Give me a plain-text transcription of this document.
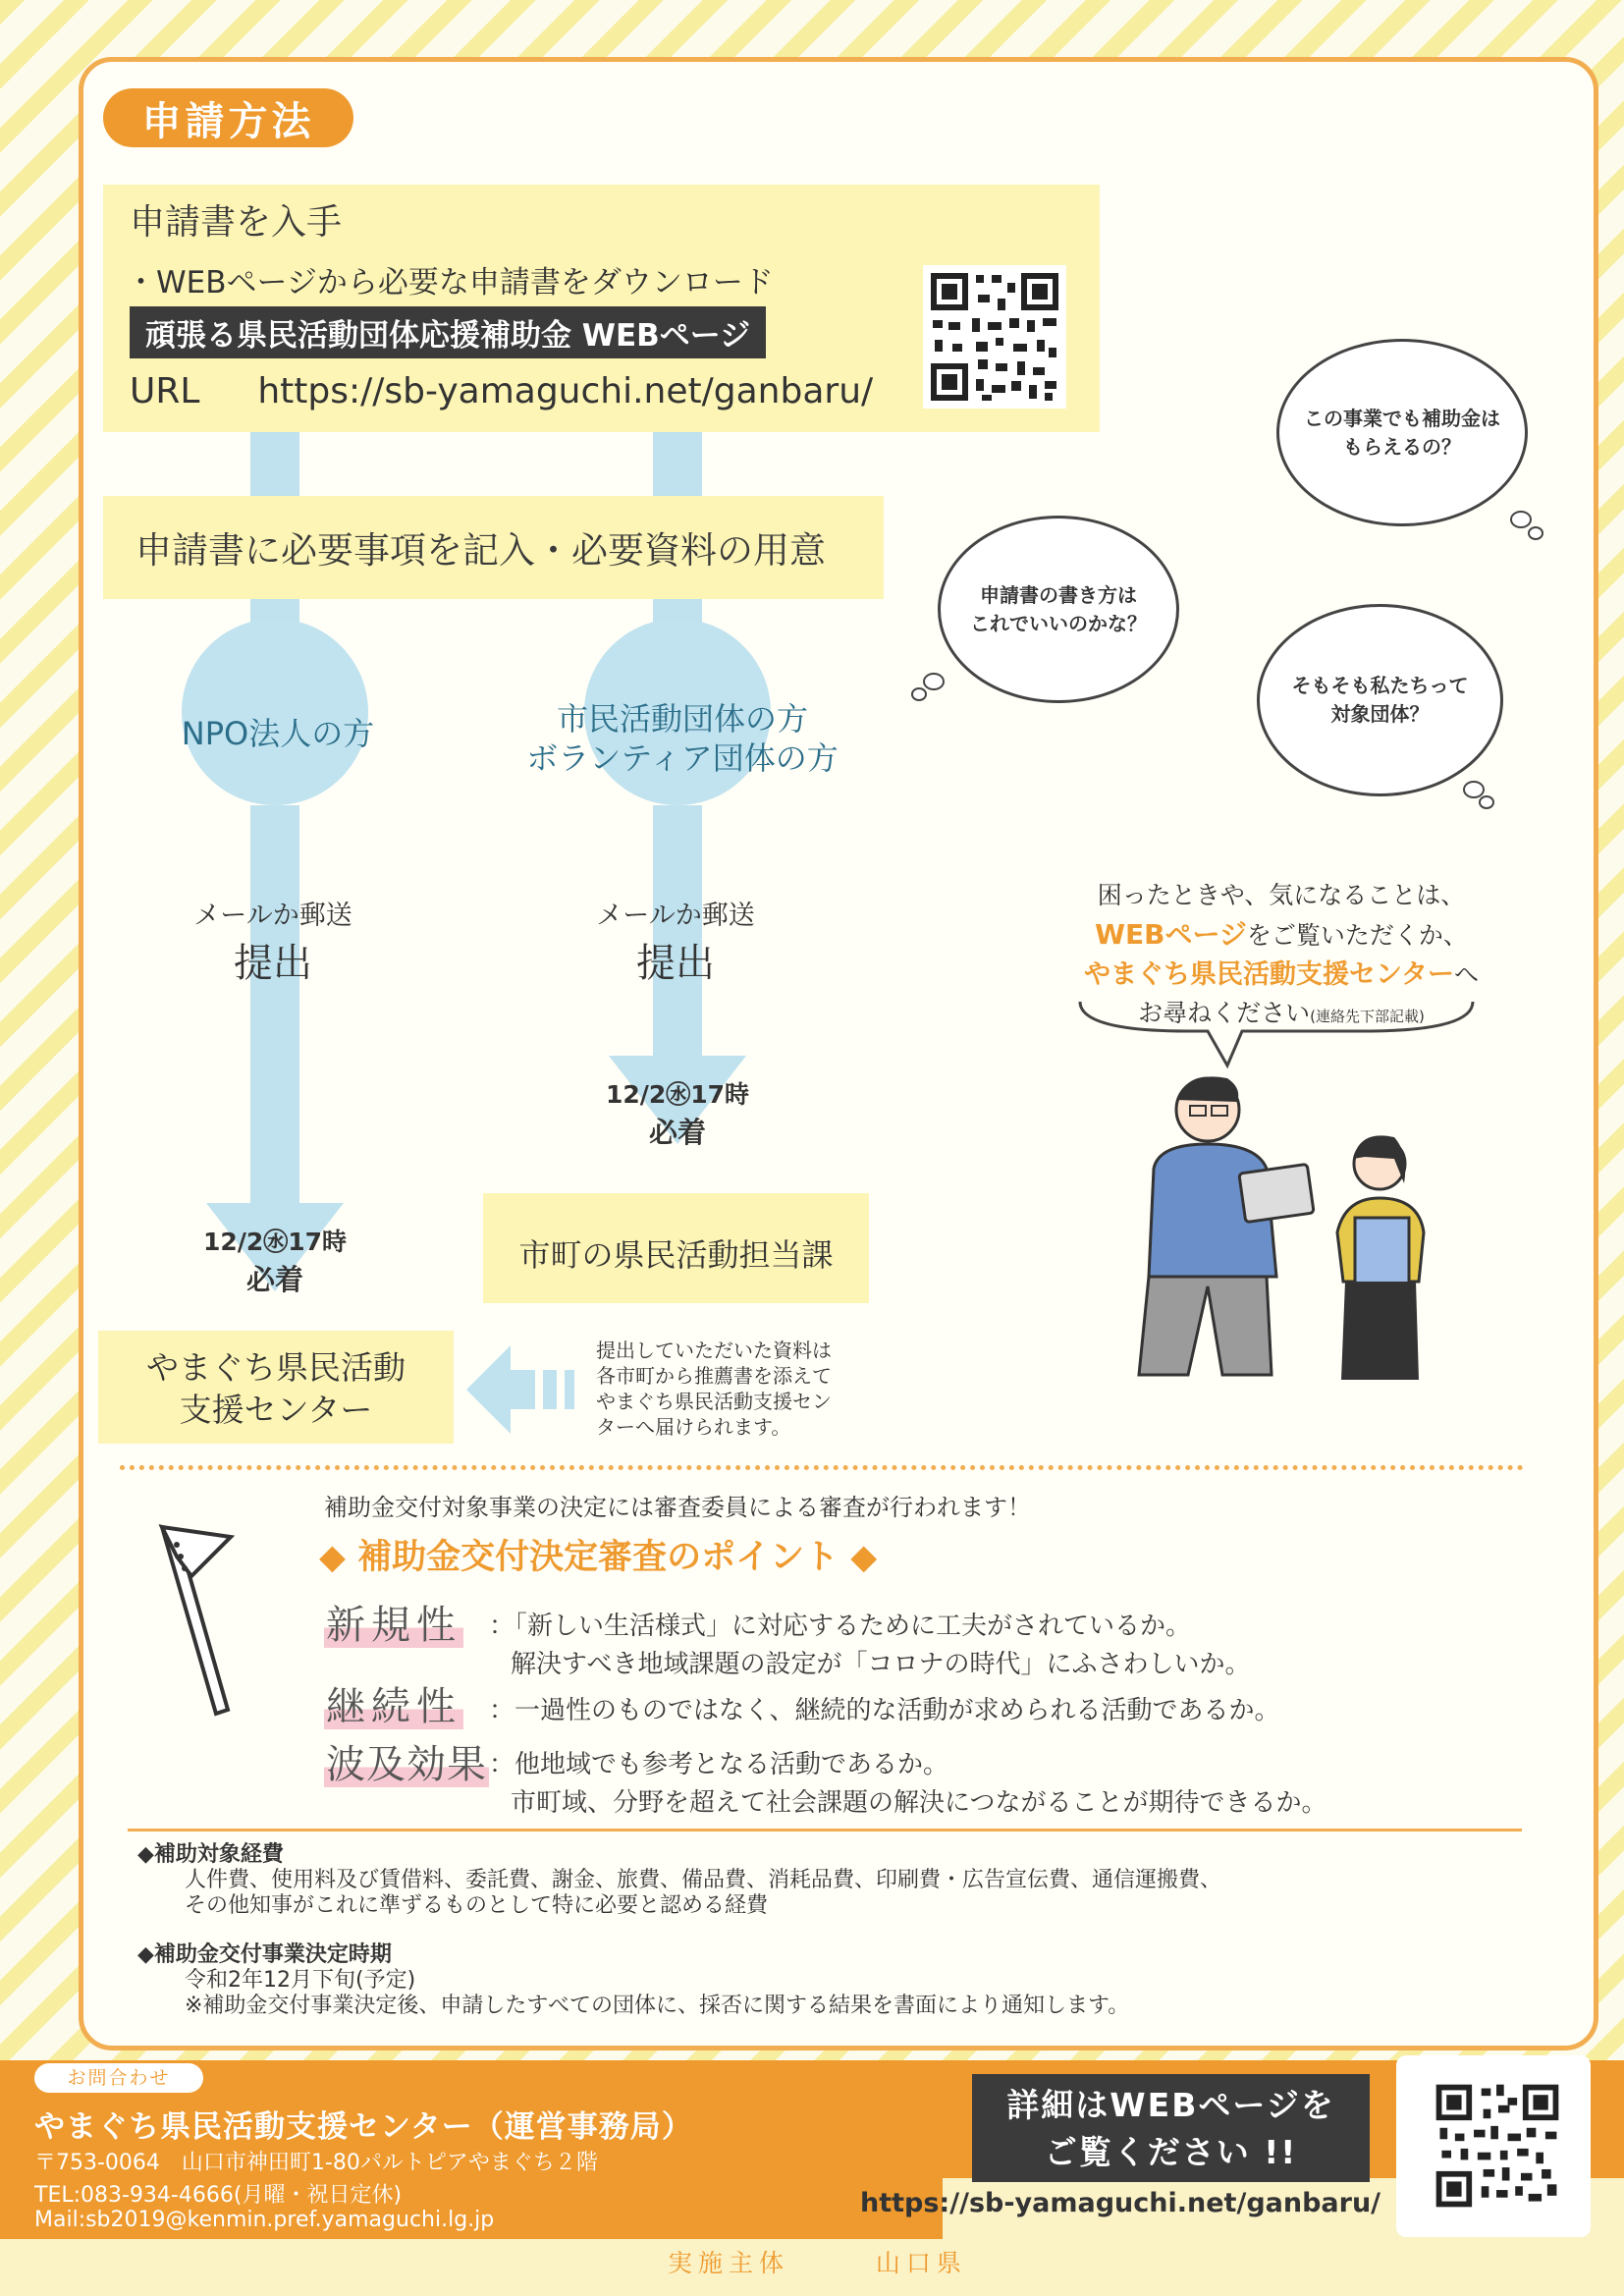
申請方法
申請書を入手
・WEBページから必要な申請書をダウンロード
頑張る県民活動団体応援補助金 WEBページ
URL https://sb-yamaguchi.net/ganbaru/
申請書に必要事項を記入・必要資料の用意
NPO法人の方	市民活動団体の方
ボランティア団体の方
メールか郵送
提出
メールか郵送
提出
12/2㊌17時
必着
12/2㊌17時
必着
市町の県民活動担当課
やまぐち県民活動
支援センター
提出していただいた資料は
各市町から推薦書を添えて
やまぐち県民活動支援セン
ターへ届けられます。
この事業でも補助金は
もらえるの？
申請書の書き方は
これでいいのかな？
そもそも私たちって
対象団体？
困ったときや、気になることは、
WEBページをご覧いただくか、
やまぐち県民活動支援センターへ
お尋ねください(連絡先下部記載)
補助金交付対象事業の決定には審査委員による審査が行われます！
◆ 補助金交付決定審査のポイント ◆
新規性 ：「新しい生活様式」に対応するために工夫がされているか。
解決すべき地域課題の設定が「コロナの時代」にふさわしいか。
継続性 ：一過性のものではなく、継続的な活動が求められる活動であるか。
波及効果 ：他地域でも参考となる活動であるか。
市町域、分野を超えて社会課題の解決につながることが期待できるか。
◆補助対象経費
人件費、使用料及び賃借料、委託費、謝金、旅費、備品費、消耗品費、印刷費・広告宣伝費、通信運搬費、
その他知事がこれに準ずるものとして特に必要と認める経費
◆補助金交付事業決定時期
令和2年12月下旬(予定)
※補助金交付事業決定後、申請したすべての団体に、採否に関する結果を書面により通知します。
お問合わせ
やまぐち県民活動支援センター（運営事務局）
〒753-0064　山口市神田町1-80パルトピアやまぐち２階
TEL:083-934-4666(月曜・祝日定休)
Mail:sb2019@kenmin.pref.yamaguchi.lg.jp
詳細はWEBページを
ご覧ください !!
https://sb-yamaguchi.net/ganbaru/
実施主体	山口県
